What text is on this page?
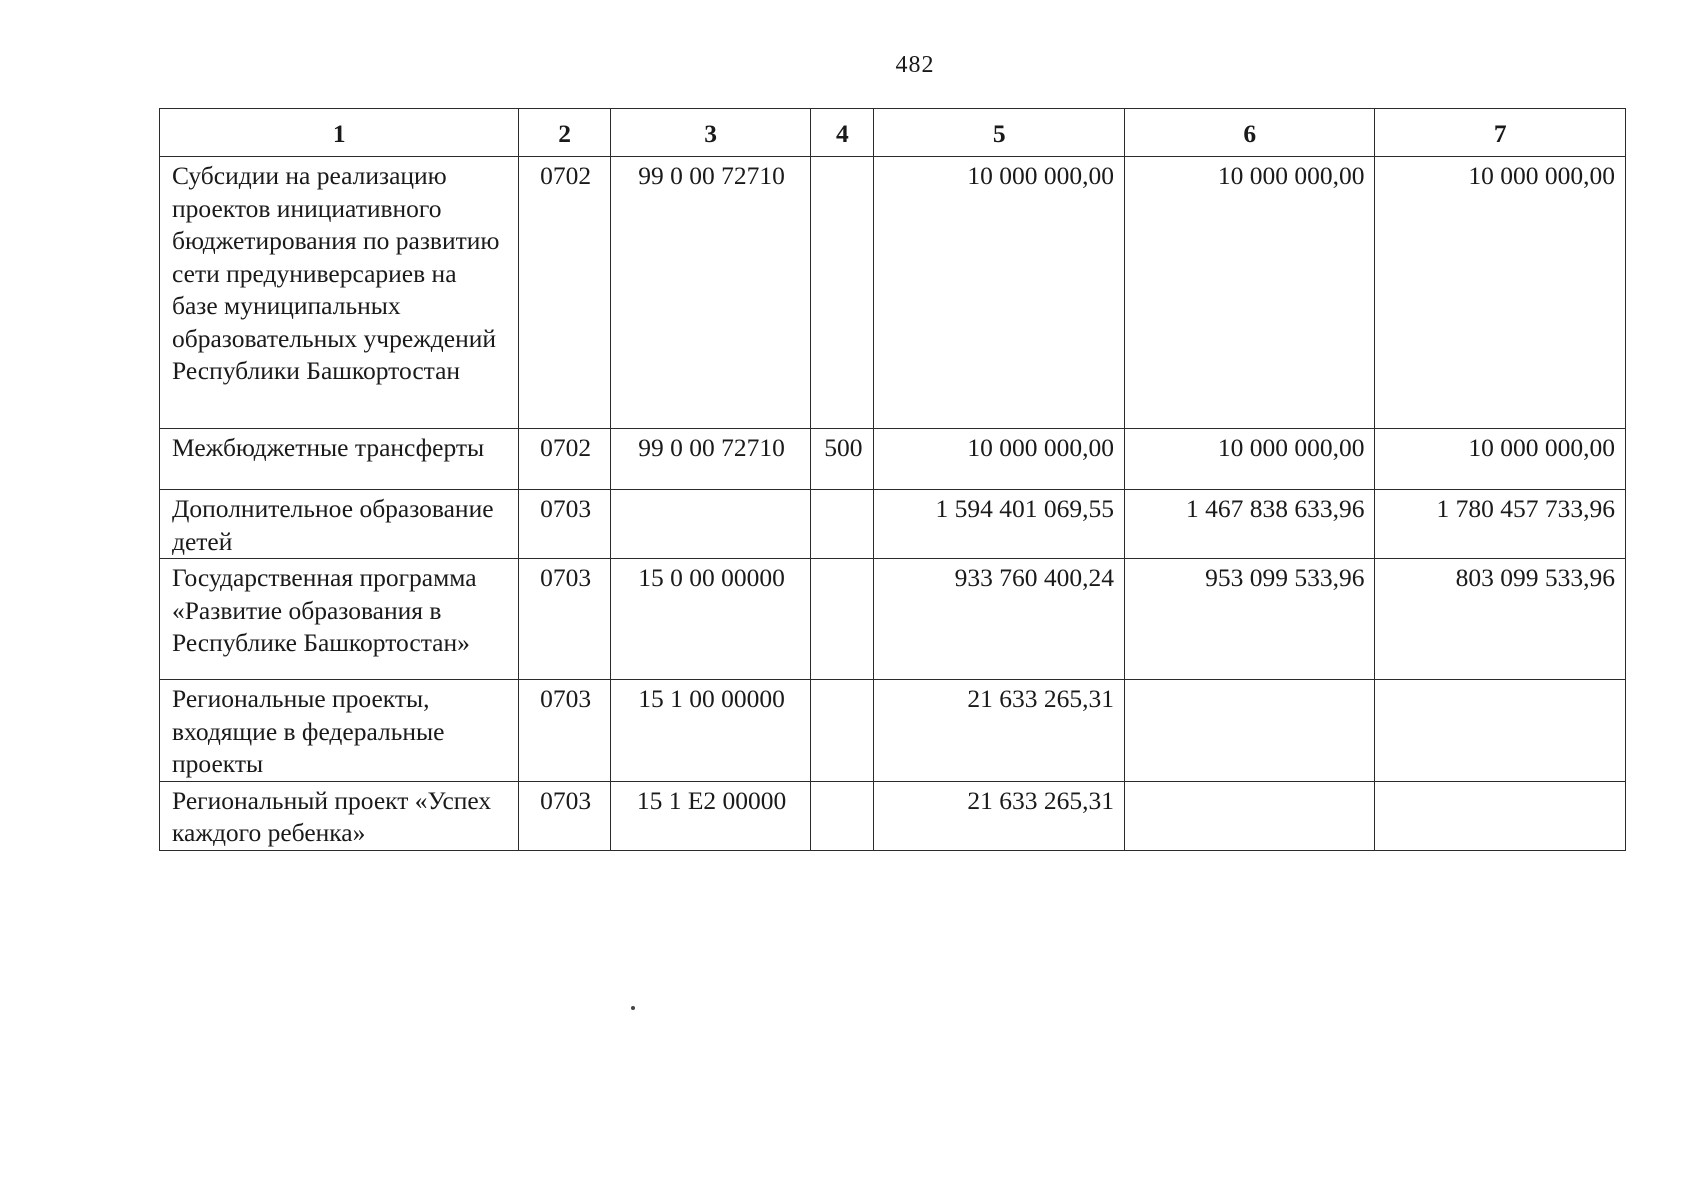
482
1	2	3	4	5	6	7
Субсидии на реализацию проектов инициативного бюджетирования по развитию сети предуниверсариев на базе муниципальных образовательных учреждений Республики Башкортостан	0702	99 0 00 72710		10 000 000,00	10 000 000,00	10 000 000,00
Межбюджетные трансферты	0702	99 0 00 72710	500	10 000 000,00	10 000 000,00	10 000 000,00
Дополнительное образование детей	0703			1 594 401 069,55	1 467 838 633,96	1 780 457 733,96
Государственная программа «Развитие образования в Республике Башкортостан»	0703	15 0 00 00000		933 760 400,24	953 099 533,96	803 099 533,96
Региональные проекты, входящие в федеральные проекты	0703	15 1 00 00000		21 633 265,31		
Региональный проект «Успех каждого ребенка»	0703	15 1 E2 00000		21 633 265,31		
